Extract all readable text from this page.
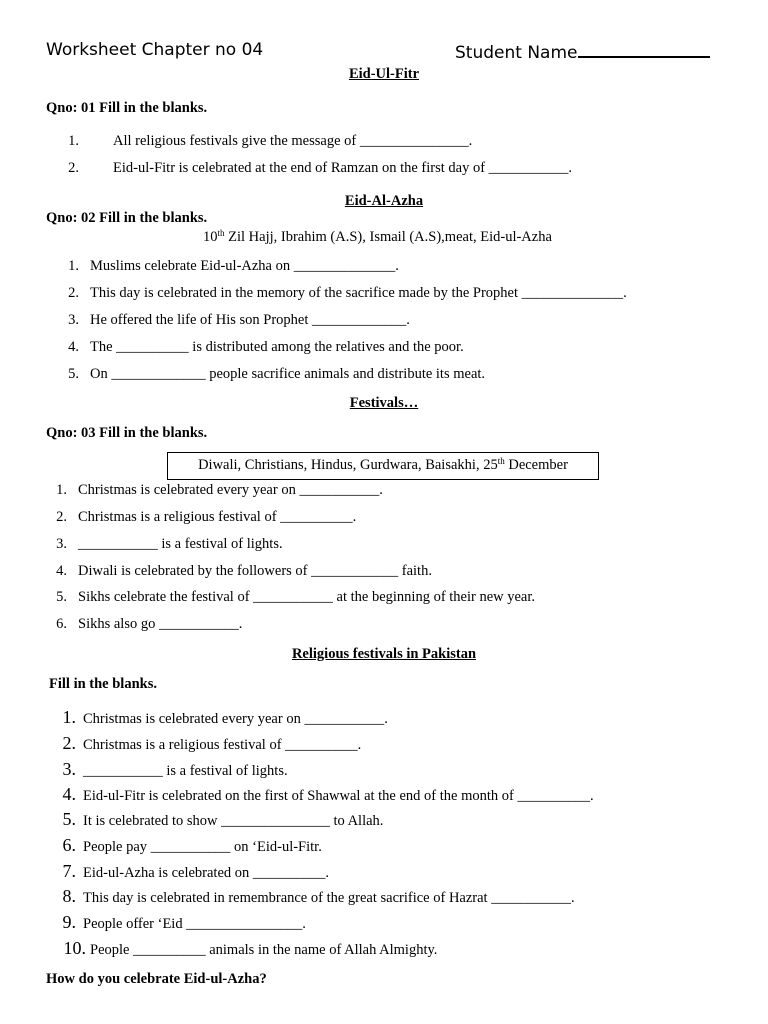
Worksheet Chapter no 04	Student Name
Eid-Ul-Fitr
Qno: 01 Fill in the blanks.
1. All religious festivals give the message of _______________.
2. Eid-ul-Fitr is celebrated at the end of Ramzan on the first day of ___________.
Eid-Al-Azha
Qno: 02 Fill in the blanks.
10th Zil Hajj, Ibrahim (A.S), Ismail (A.S),meat, Eid-ul-Azha
1. Muslims celebrate Eid-ul-Azha on ______________.
2. This day is celebrated in the memory of the sacrifice made by the Prophet ______________.
3. He offered the life of His son Prophet _____________.
4. The __________ is distributed among the relatives and the poor.
5. On _____________ people sacrifice animals and distribute its meat.
Festivals…
Qno: 03 Fill in the blanks.
Diwali, Christians, Hindus, Gurdwara, Baisakhi, 25th December
1. Christmas is celebrated every year on ___________.
2. Christmas is a religious festival of __________.
3. ___________ is a festival of lights.
4. Diwali is celebrated by the followers of ____________ faith.
5. Sikhs celebrate the festival of ___________ at the beginning of their new year.
6. Sikhs also go ___________.
Religious festivals in Pakistan
Fill in the blanks.
1. Christmas is celebrated every year on ___________.
2. Christmas is a religious festival of __________.
3. ___________ is a festival of lights.
4. Eid-ul-Fitr is celebrated on the first of Shawwal at the end of the month of __________.
5. It is celebrated to show _______________ to Allah.
6. People pay ___________ on ‘Eid-ul-Fitr.
7. Eid-ul-Azha is celebrated on __________.
8. This day is celebrated in remembrance of the great sacrifice of Hazrat ___________.
9. People offer ‘Eid ________________.
10. People __________ animals in the name of Allah Almighty.
How do you celebrate Eid-ul-Azha?
